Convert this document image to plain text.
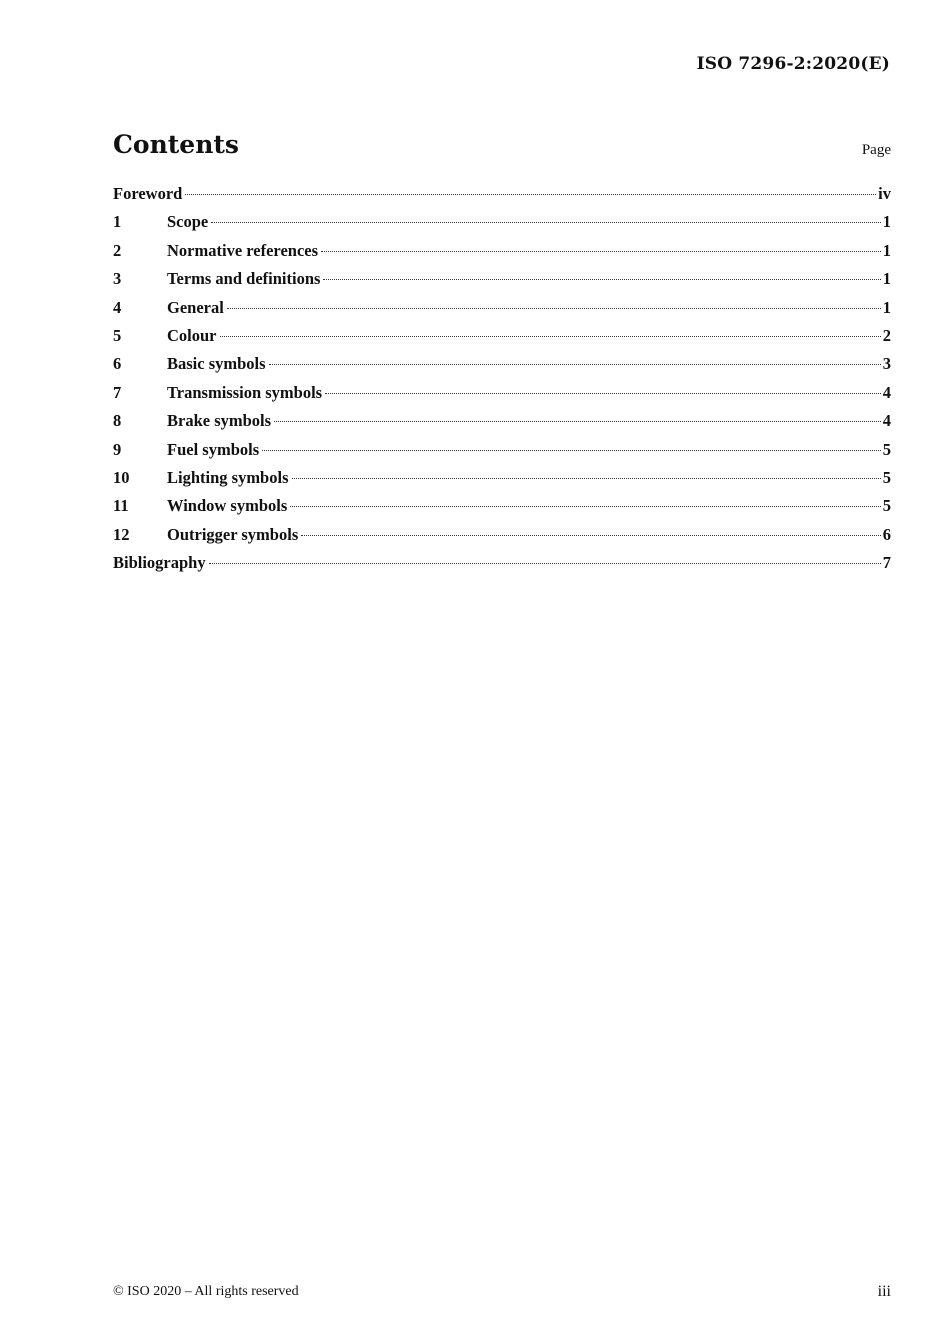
ISO 7296-2:2020(E)
Contents	Page
Foreword	iv
1	Scope	1
2	Normative references	1
3	Terms and definitions	1
4	General	1
5	Colour	2
6	Basic symbols	3
7	Transmission symbols	4
8	Brake symbols	4
9	Fuel symbols	5
10	Lighting symbols	5
11	Window symbols	5
12	Outrigger symbols	6
Bibliography	7
© ISO 2020 – All rights reserved	iii
